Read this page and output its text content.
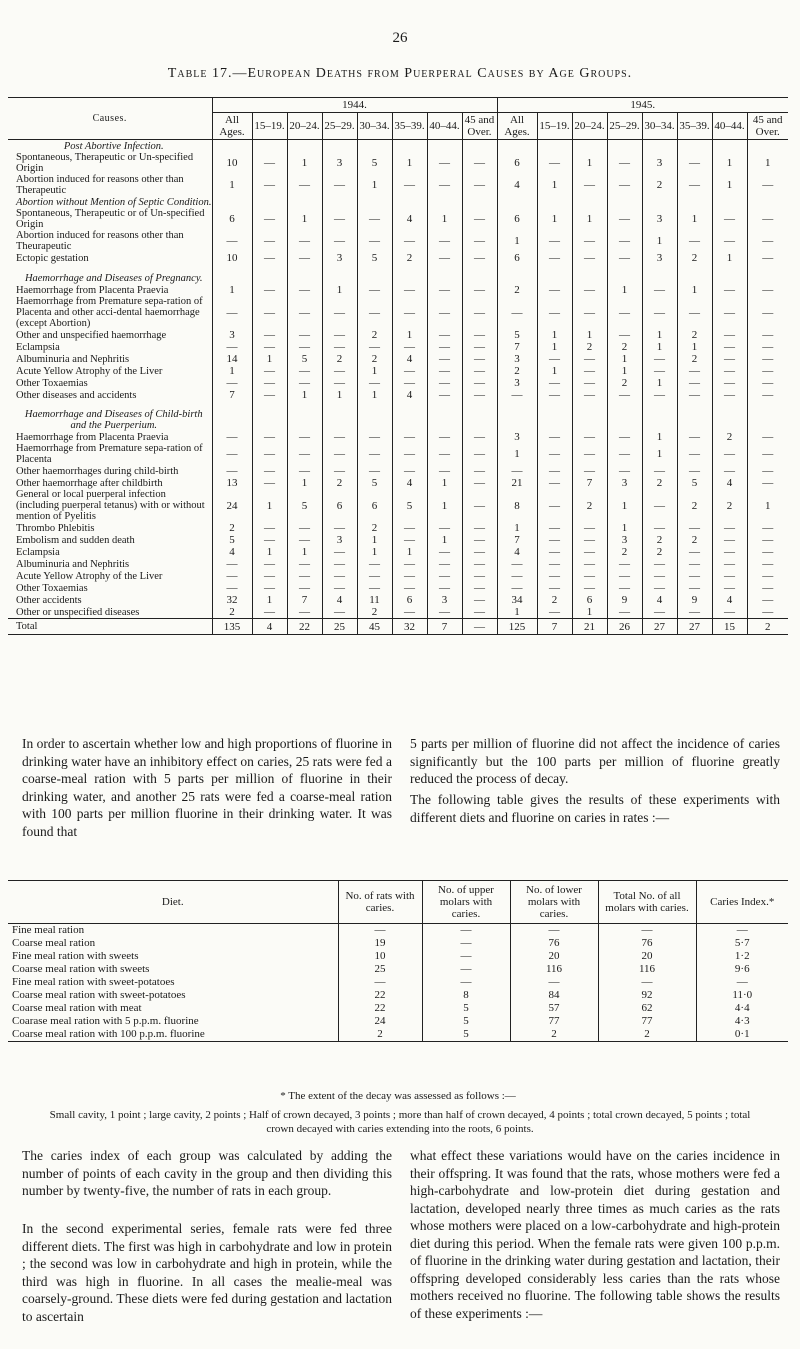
26
Table 17.—European Deaths from Puerperal Causes by Age Groups.
Causes.	1944.								1945.							
	All Ages.	15–19.	20–24.	25–29.	30–34.	35–39.	40–44.	45 and Over.	All Ages.	15–19.	20–24.	25–29.	30–34.	35–39.	40–44.	45 and Over.
Post Abortive Infection.																
Spontaneous, Therapeutic or Un-specified Origin	10	—	1	3	5	1	—	—	6	—	1	—	3	—	1	1
Abortion induced for reasons other than Therapeutic	1	—	—	—	1	—	—	—	4	1	—	—	2	—	1	—
Abortion without Mention of Septic Condition.																
Spontaneous, Therapeutic or of Un-specified Origin	6	—	1	—	—	4	1	—	6	1	1	—	3	1	—	—
Abortion induced for reasons other than Theurapeutic	—	—	—	—	—	—	—	—	1	—	—	—	1	—	—	—
Ectopic gestation	10	—	—	3	5	2	—	—	6	—	—	—	3	2	1	—

Haemorrhage and Diseases of Pregnancy.																
Haemorrhage from Placenta Praevia	1	—	—	1	—	—	—	—	2	—	—	1	—	1	—	—
Haemorrhage from Premature sepa-ration of Placenta and other acci-dental haemorrhage (except Abortion)	—	—	—	—	—	—	—	—	—	—	—	—	—	—	—	—
Other and unspecified haemorrhage	3	—	—	—	2	1	—	—	5	1	1	—	1	2	—	—
Eclampsia	—	—	—	—	—	—	—	—	7	1	2	2	1	1	—	—
Albuminuria and Nephritis	14	1	5	2	2	4	—	—	3	—	—	1	—	2	—	—
Acute Yellow Atrophy of the Liver	1	—	—	—	1	—	—	—	2	1	—	1	—	—	—	—
Other Toxaemias	—	—	—	—	—	—	—	—	3	—	—	2	1	—	—	—
Other diseases and accidents	7	—	1	1	1	4	—	—	—	—	—	—	—	—	—	—

Haemorrhage and Diseases of Child-birth and the Puerperium.																
Haemorrhage from Placenta Praevia	—	—	—	—	—	—	—	—	3	—	—	—	1	—	2	—
Haemorrhage from Premature sepa-ration of Placenta	—	—	—	—	—	—	—	—	1	—	—	—	1	—	—	—
Other haemorrhages during child-birth	—	—	—	—	—	—	—	—	—	—	—	—	—	—	—	—
Other haemorrhage after childbirth	13	—	1	2	5	4	1	—	21	—	7	3	2	5	4	—
General or local puerperal infection (including puerperal tetanus) with or without mention of Pyelitis	24	1	5	6	6	5	1	—	8	—	2	1	—	2	2	1
Thrombo Phlebitis	2	—	—	—	2	—	—	—	1	—	—	1	—	—	—	—
Embolism and sudden death	5	—	—	3	1	—	1	—	7	—	—	3	2	2	—	—
Eclampsia	4	1	1	—	1	1	—	—	4	—	—	2	2	—	—	—
Albuminuria and Nephritis	—	—	—	—	—	—	—	—	—	—	—	—	—	—	—	—
Acute Yellow Atrophy of the Liver	—	—	—	—	—	—	—	—	—	—	—	—	—	—	—	—
Other Toxaemias	—	—	—	—	—	—	—	—	—	—	—	—	—	—	—	—
Other accidents	32	1	7	4	11	6	3	—	34	2	6	9	4	9	4	—
Other or unspecified diseases	2	—	—	—	2	—	—	—	1	—	1	—	—	—	—	—
Total	135	4	22	25	45	32	7	—	125	7	21	26	27	27	15	2
In order to ascertain whether low and high proportions of fluorine in drinking water have an inhibitory effect on caries, 25 rats were fed a coarse-meal ration with 5 parts per million of fluorine in their drinking water, and another 25 rats were fed a coarse-meal ration with 100 parts per million fluorine in their drinking water. It was found that
5 parts per million of fluorine did not affect the incidence of caries significantly but the 100 parts per million of fluorine greatly reduced the process of decay.
The following table gives the results of these experiments with different diets and fluorine on caries in rates :—
Diet.	No. of rats with caries.	No. of upper molars with caries.	No. of lower molars with caries.	Total No. of all molars with caries.	Caries Index.*
Fine meal ration	—	—	—	—	—
Coarse meal ration	19	—	76	76	5·7
Fine meal ration with sweets	10	—	20	20	1·2
Coarse meal ration with sweets	25	—	116	116	9·6
Fine meal ration with sweet-potatoes	—	—	—	—	—
Coarse meal ration with sweet-potatoes	22	8	84	92	11·0
Coarse meal ration with meat	22	5	57	62	4·4
Coarase meal ration with 5 p.p.m. fluorine	24	5	77	77	4·3
Coarse meal ration with 100 p.p.m. fluorine	2	5	2	2	0·1
* The extent of the decay was assessed as follows :—
Small cavity, 1 point ; large cavity, 2 points ; Half of crown decayed, 3 points ; more than half of crown decayed, 4 points ; total crown decayed, 5 points ; total crown decayed with caries extending into the roots, 6 points.
The caries index of each group was calculated by adding the number of points of each cavity in the group and then dividing this number by twenty-five, the number of rats in each group.
In the second experimental series, female rats were fed three different diets. The first was high in carbohydrate and low in protein ; the second was low in carbohydrate and high in protein, while the third was high in fluorine. In all cases the mealie-meal was coarsely-ground. These diets were fed during gestation and lactation to ascertain
what effect these variations would have on the caries incidence in their offspring. It was found that the rats, whose mothers were fed a high-carbohydrate and low-protein diet during gestation and lactation, developed nearly three times as much caries as the rats whose mothers were placed on a low-carbohydrate and high-protein diet during this period. When the female rats were given 100 p.p.m. of fluorine in the drinking water during gestation and lactation, their offspring developed considerably less caries than the rats whose mothers received no fluorine. The following table shows the results of these experiments :—
